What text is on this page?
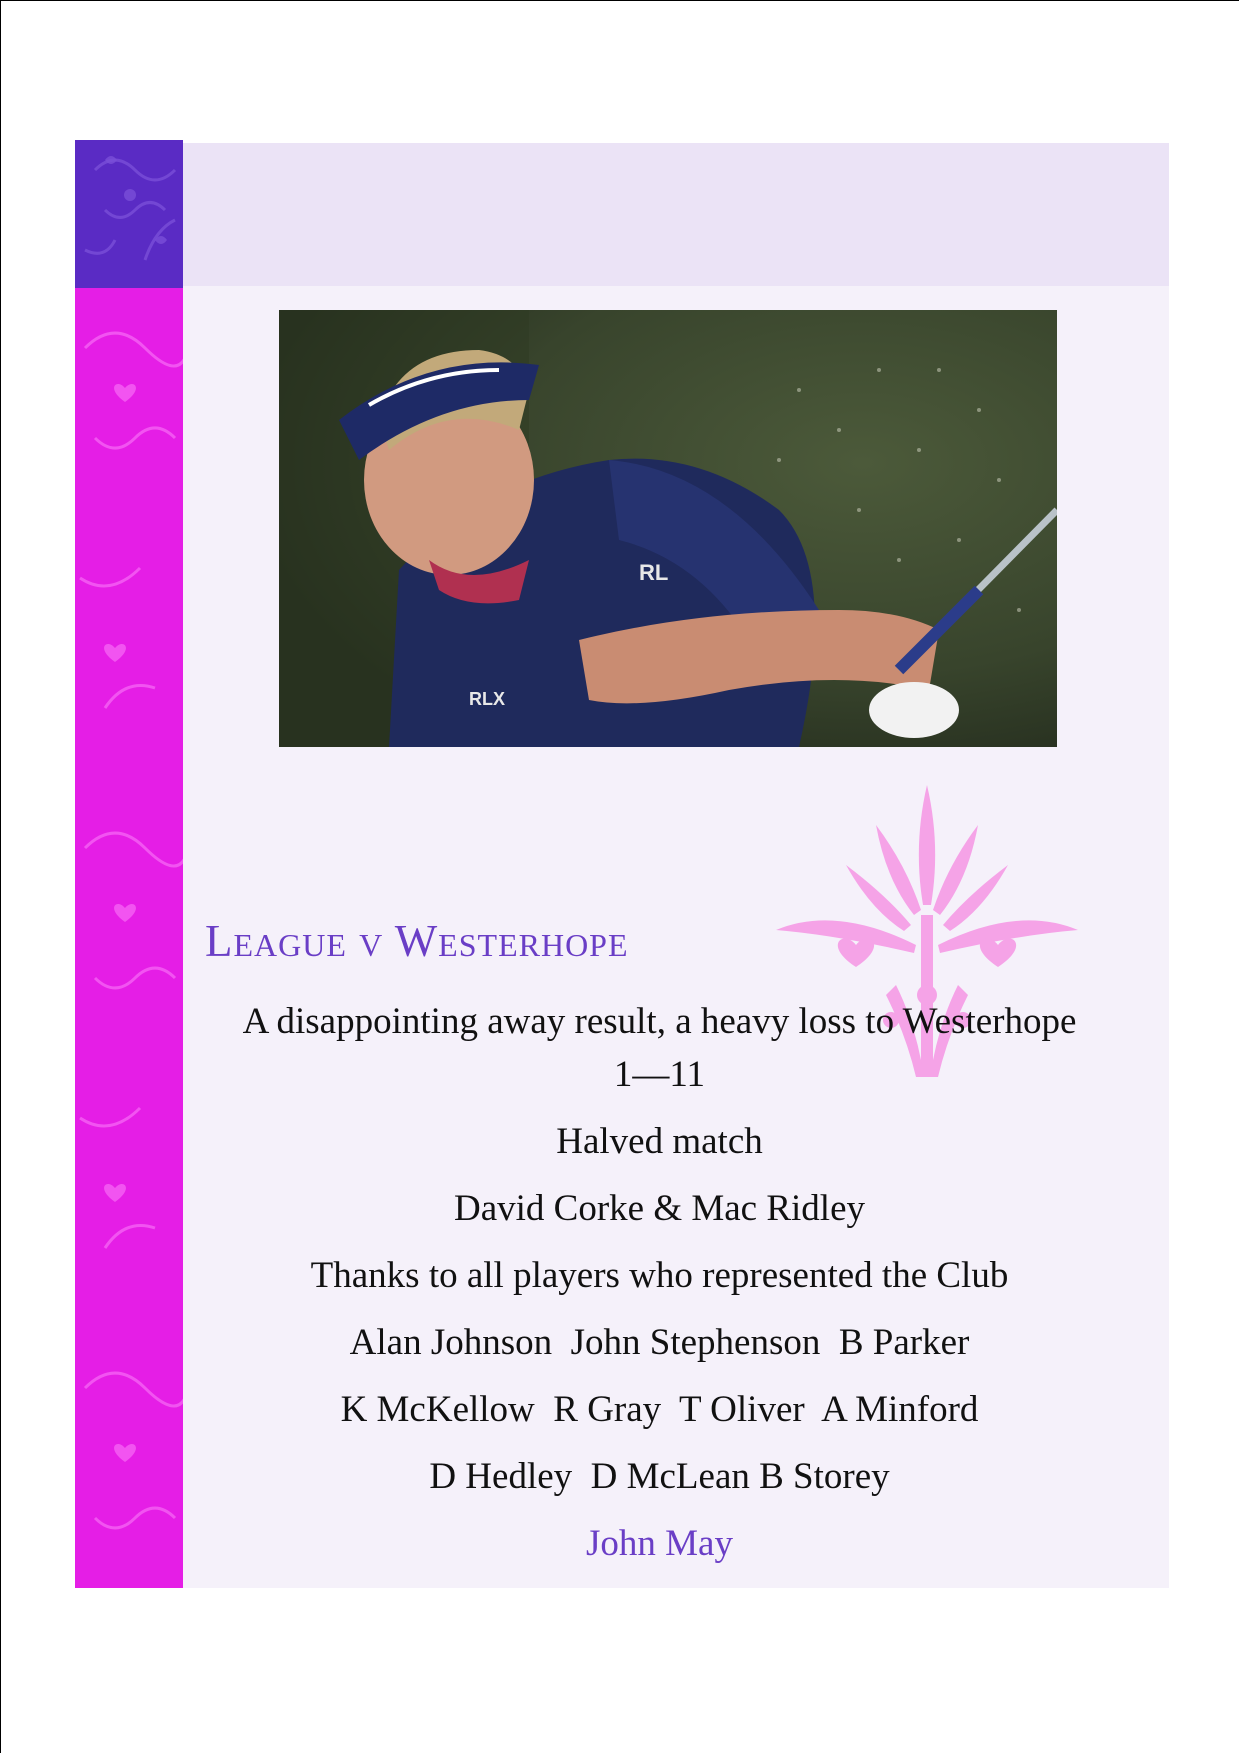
RL
RLX
League v Westerhope
A disappointing away result, a heavy loss to Westerhope
1—11
Halved match
David Corke & Mac Ridley
Thanks to all players who represented the Club
Alan Johnson  John Stephenson  B Parker
K McKellow  R Gray  T Oliver  A Minford
D Hedley  D McLean B Storey
John May
